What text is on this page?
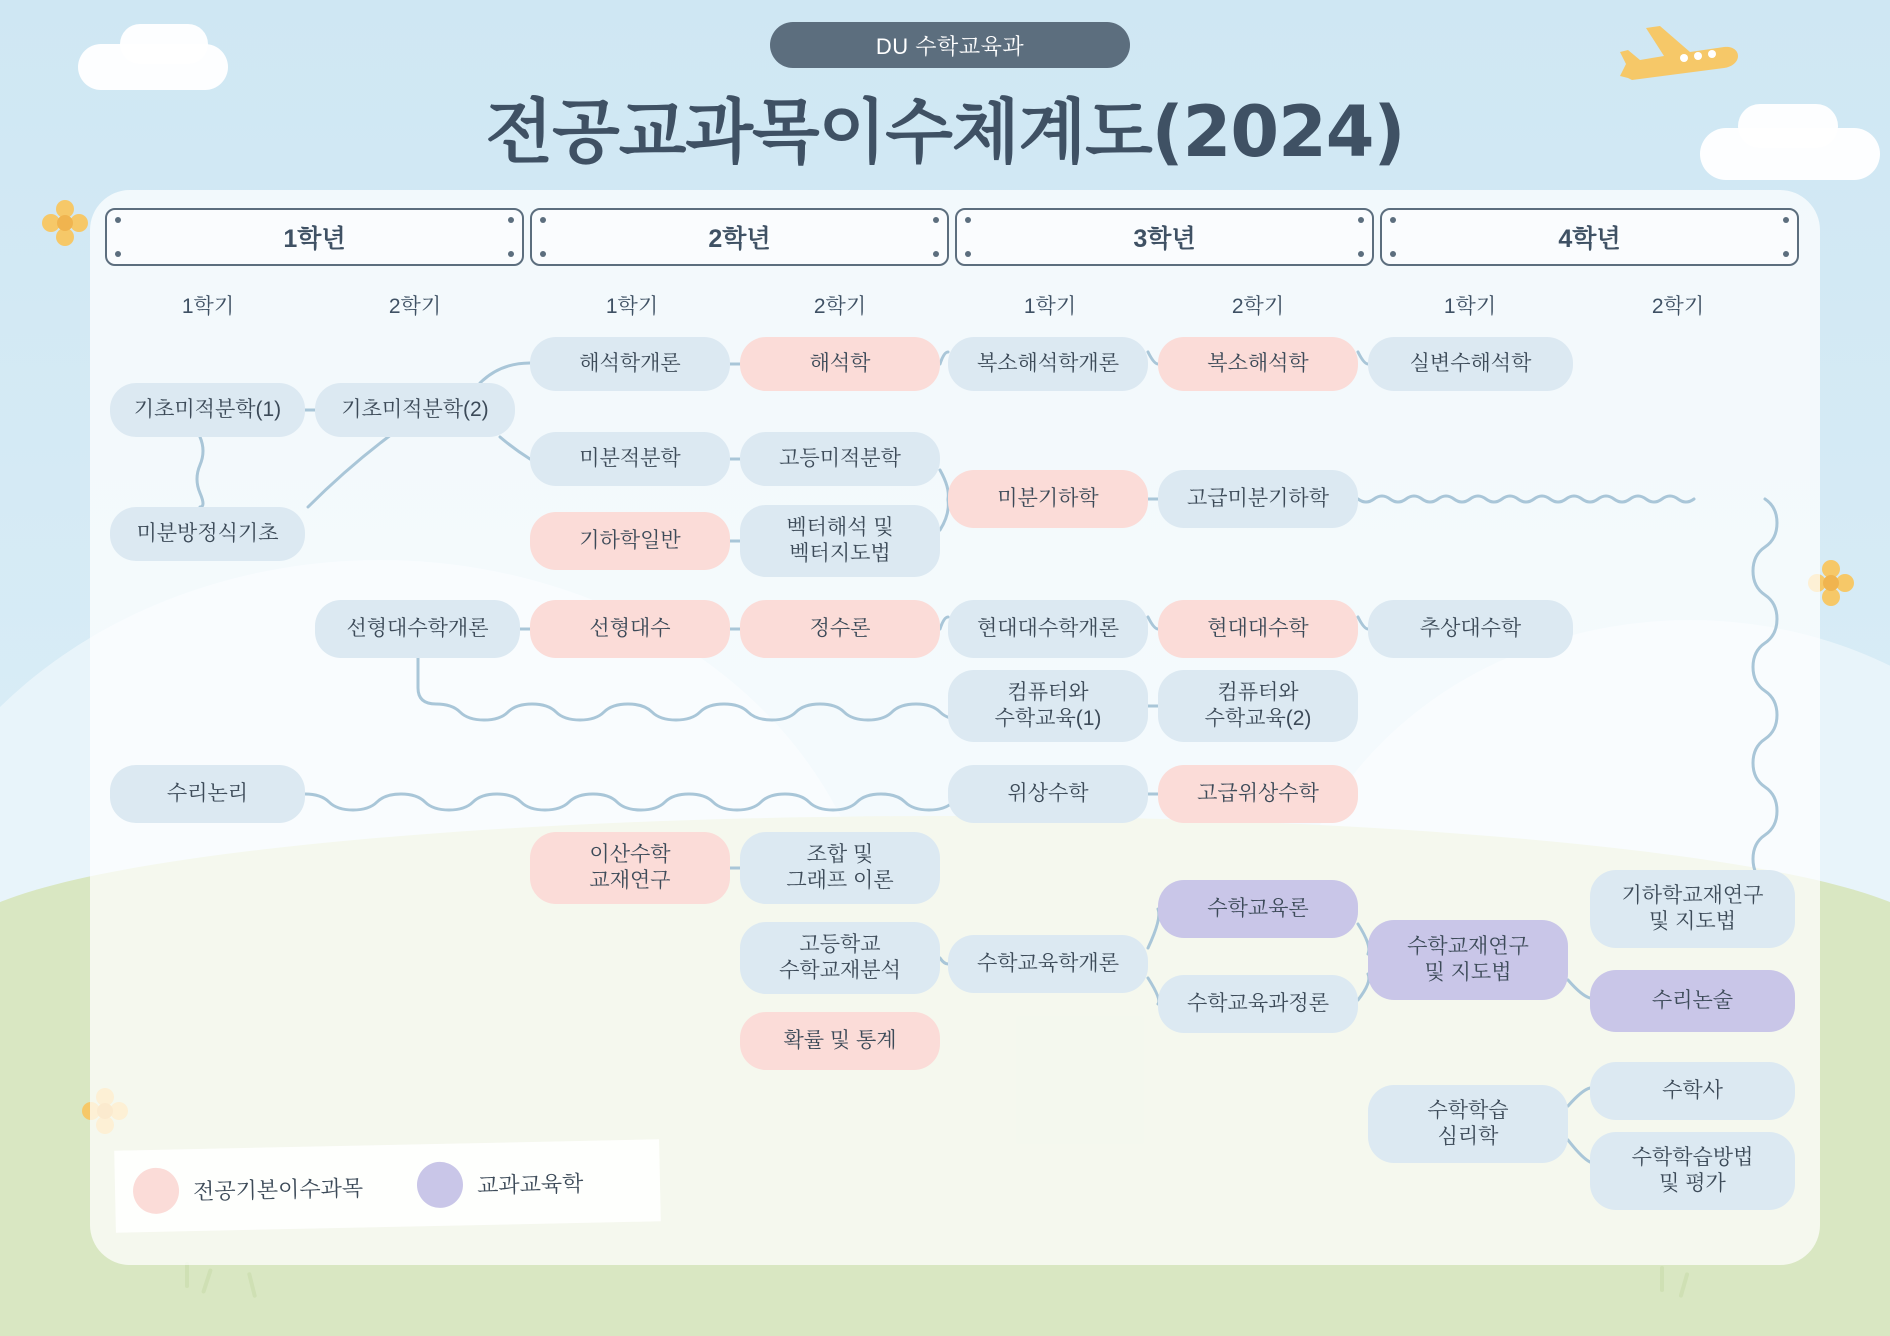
DU 수학교육과
전공교과목이수체계도(2024)
1학년	2학년	3학년	4학년
1학기	2학기	1학기	2학기	1학기	2학기	1학기	2학기
기초미적분학(1)	기초미적분학(2)
미분방정식기초
해석학개론	해석학	복소해석학개론	복소해석학	실변수해석학
미분적분학	고등미적분학
기하학일반
벡터해석 및
벡터지도법
미분기하학	고급미분기하학
선형대수학개론	선형대수	정수론	현대대수학개론	현대대수학	추상대수학
컴퓨터와
수학교육(1)
컴퓨터와
수학교육(2)
수리논리	위상수학	고급위상수학
이산수학
교재연구
조합 및
그래프 이론
고등학교
수학교재분석	수학교육학개론
수학교육론
수학교육과정론
수학교재연구
및 지도법
기하학교재연구
및 지도법
수리논술
확률 및 통계
수학학습
심리학
수학사
수학학습방법
및 평가
전공기본이수과목	교과교육학
